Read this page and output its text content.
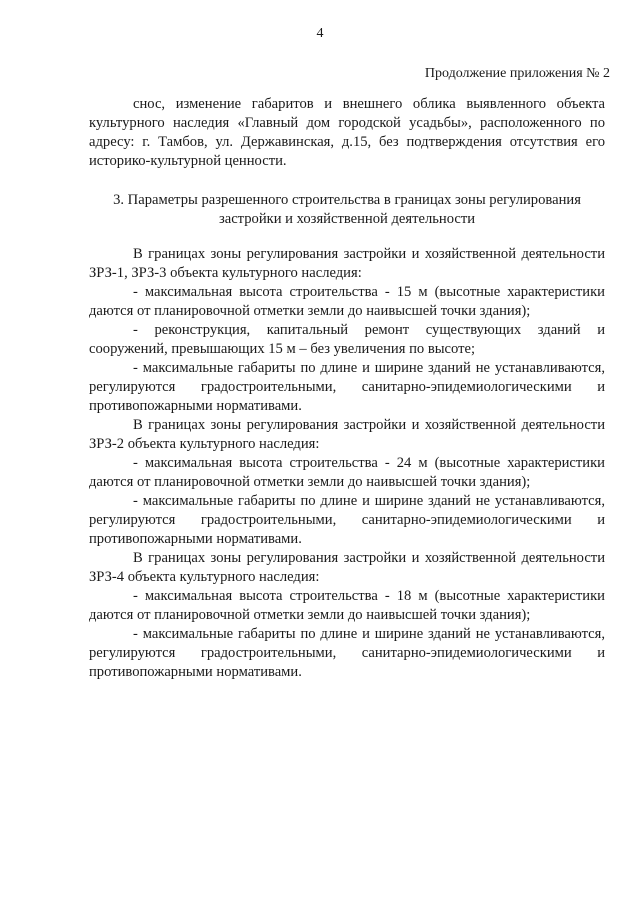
4
Продолжение приложения № 2

снос, изменение габаритов и внешнего облика выявленного объекта культурного наследия «Главный дом городской усадьбы», расположенного по адресу: г. Тамбов, ул. Державинская, д.15, без подтверждения отсутствия его историко-культурной ценности.

3. Параметры разрешенного строительства в границах зоны регулирования застройки и хозяйственной деятельности

В границах зоны регулирования застройки и хозяйственной деятельности ЗРЗ-1, ЗРЗ-3 объекта культурного наследия:

- максимальная высота строительства - 15 м (высотные характеристики даются от планировочной отметки земли до наивысшей точки здания);

- реконструкция, капитальный ремонт существующих зданий и сооружений, превышающих 15 м – без увеличения по высоте;

- максимальные габариты по длине и ширине зданий не устанавливаются, регулируются градостроительными, санитарно-эпидемиологическими и противопожарными нормативами.

В границах зоны регулирования застройки и хозяйственной деятельности ЗРЗ-2 объекта культурного наследия:

- максимальная высота строительства - 24 м (высотные характеристики даются от планировочной отметки земли до наивысшей точки здания);

- максимальные габариты по длине и ширине зданий не устанавливаются, регулируются градостроительными, санитарно-эпидемиологическими и противопожарными нормативами.

В границах зоны регулирования застройки и хозяйственной деятельности ЗРЗ-4 объекта культурного наследия:

- максимальная высота строительства - 18 м (высотные характеристики даются от планировочной отметки земли до наивысшей точки здания);

- максимальные габариты по длине и ширине зданий не устанавливаются, регулируются градостроительными, санитарно-эпидемиологическими и противопожарными нормативами.
